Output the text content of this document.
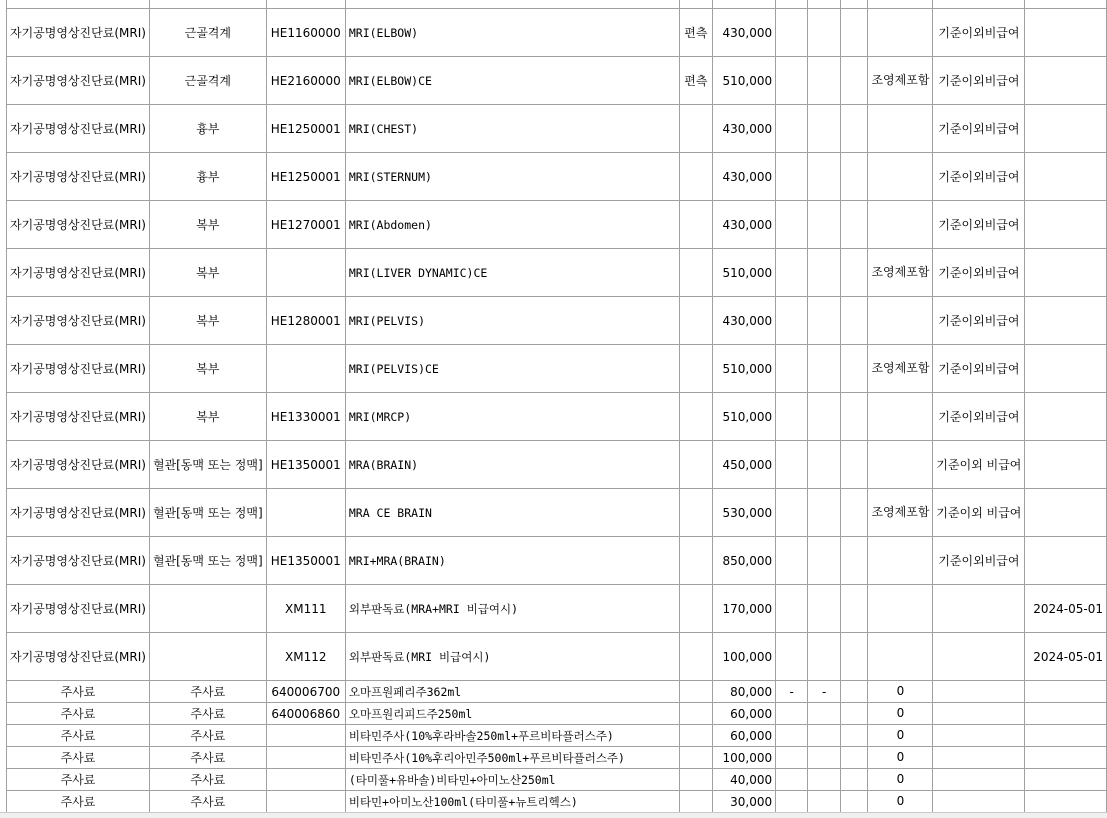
자기공명영상진단료(MRI)	근골격계	HE1160000	MRI(ELBOW)	편측	430,000					기준이외비급여	
자기공명영상진단료(MRI)	근골격계	HE2160000	MRI(ELBOW)CE	편측	510,000				조영제포함	기준이외비급여	
자기공명영상진단료(MRI)	흉부	HE1250001	MRI(CHEST)		430,000					기준이외비급여	
자기공명영상진단료(MRI)	흉부	HE1250001	MRI(STERNUM)		430,000					기준이외비급여	
자기공명영상진단료(MRI)	복부	HE1270001	MRI(Abdomen)		430,000					기준이외비급여	
자기공명영상진단료(MRI)	복부		MRI(LIVER DYNAMIC)CE		510,000				조영제포함	기준이외비급여	
자기공명영상진단료(MRI)	복부	HE1280001	MRI(PELVIS)		430,000					기준이외비급여	
자기공명영상진단료(MRI)	복부		MRI(PELVIS)CE		510,000				조영제포함	기준이외비급여	
자기공명영상진단료(MRI)	복부	HE1330001	MRI(MRCP)		510,000					기준이외비급여	
자기공명영상진단료(MRI)	혈관[동맥 또는 정맥]	HE1350001	MRA(BRAIN)		450,000					기준이외 비급여	
자기공명영상진단료(MRI)	혈관[동맥 또는 정맥]		MRA CE BRAIN		530,000				조영제포함	기준이외 비급여	
자기공명영상진단료(MRI)	혈관[동맥 또는 정맥]	HE1350001	MRI+MRA(BRAIN)		850,000					기준이외비급여	
자기공명영상진단료(MRI)		XM111	외부판독료(MRA+MRI 비급여시)		170,000						2024-05-01
자기공명영상진단료(MRI)		XM112	외부판독료(MRI 비급여시)		100,000						2024-05-01
주사료	주사료	640006700	오마프원페리주362ml		80,000	-	-		0		
주사료	주사료	640006860	오마프원리피드주250ml		60,000				0		
주사료	주사료		비타민주사(10%후라바솔250ml+푸르비타플러스주)		60,000				0		
주사료	주사료		비타민주사(10%후리아민주500ml+푸르비타플러스주)		100,000				0		
주사료	주사료		(타미풀+유바솔)비타민+아미노산250ml		40,000				0		
주사료	주사료		비타민+아미노산100ml(타미풀+뉴트리헥스)		30,000				0		
